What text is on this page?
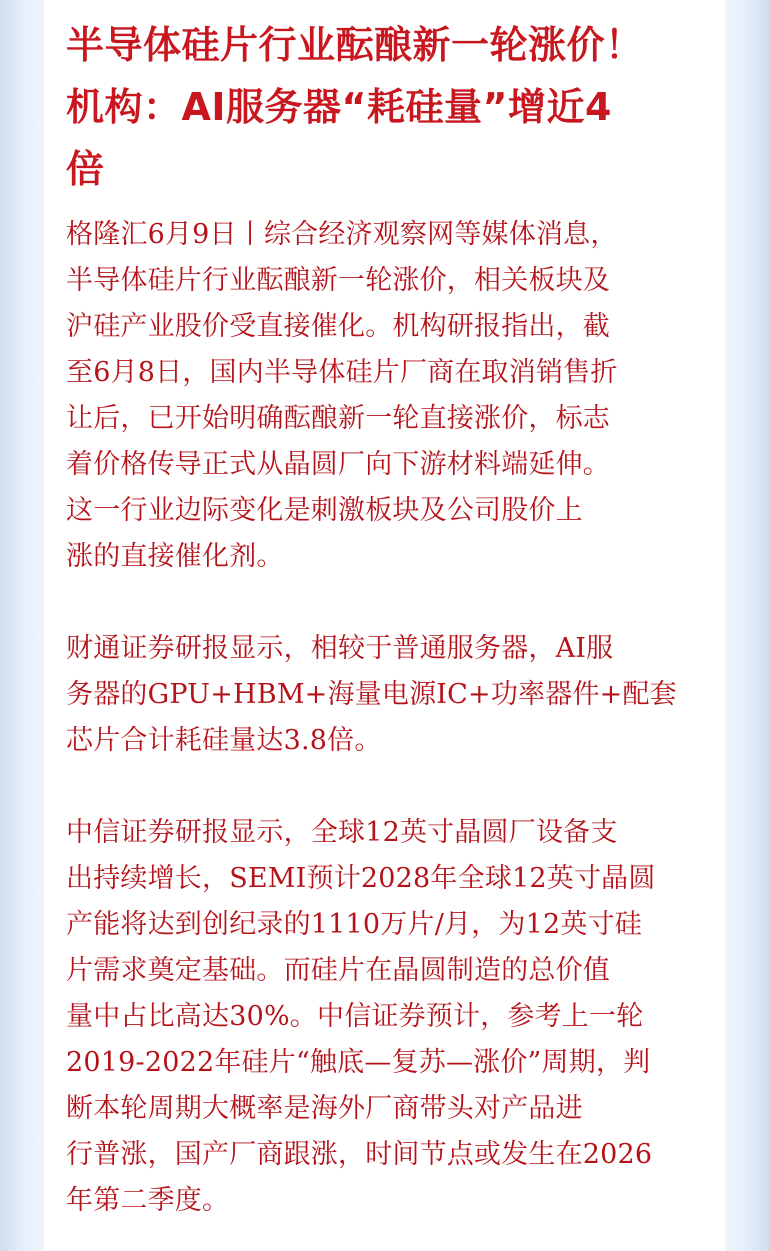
半导体硅片行业酝酿新一轮涨价！
机构：AI服务器“耗硅量”增近4
倍

格隆汇6月9日丨综合经济观察网等媒体消息，
半导体硅片行业酝酿新一轮涨价，相关板块及
沪硅产业股价受直接催化。机构研报指出，截
至6月8日，国内半导体硅片厂商在取消销售折
让后，已开始明确酝酿新一轮直接涨价，标志
着价格传导正式从晶圆厂向下游材料端延伸。
这一行业边际变化是刺激板块及公司股价上
涨的直接催化剂。

财通证券研报显示，相较于普通服务器，AI服
务器的GPU+HBM+海量电源IC+功率器件+配套
芯片合计耗硅量达3.8倍。

中信证券研报显示，全球12英寸晶圆厂设备支
出持续增长，SEMI预计2028年全球12英寸晶圆
产能将达到创纪录的1110万片/月，为12英寸硅
片需求奠定基础。而硅片在晶圆制造的总价值
量中占比高达30%。中信证券预计，参考上一轮
2019-2022年硅片“触底—复苏—涨价”周期，判
断本轮周期大概率是海外厂商带头对产品进
行普涨，国产厂商跟涨，时间节点或发生在2026
年第二季度。
